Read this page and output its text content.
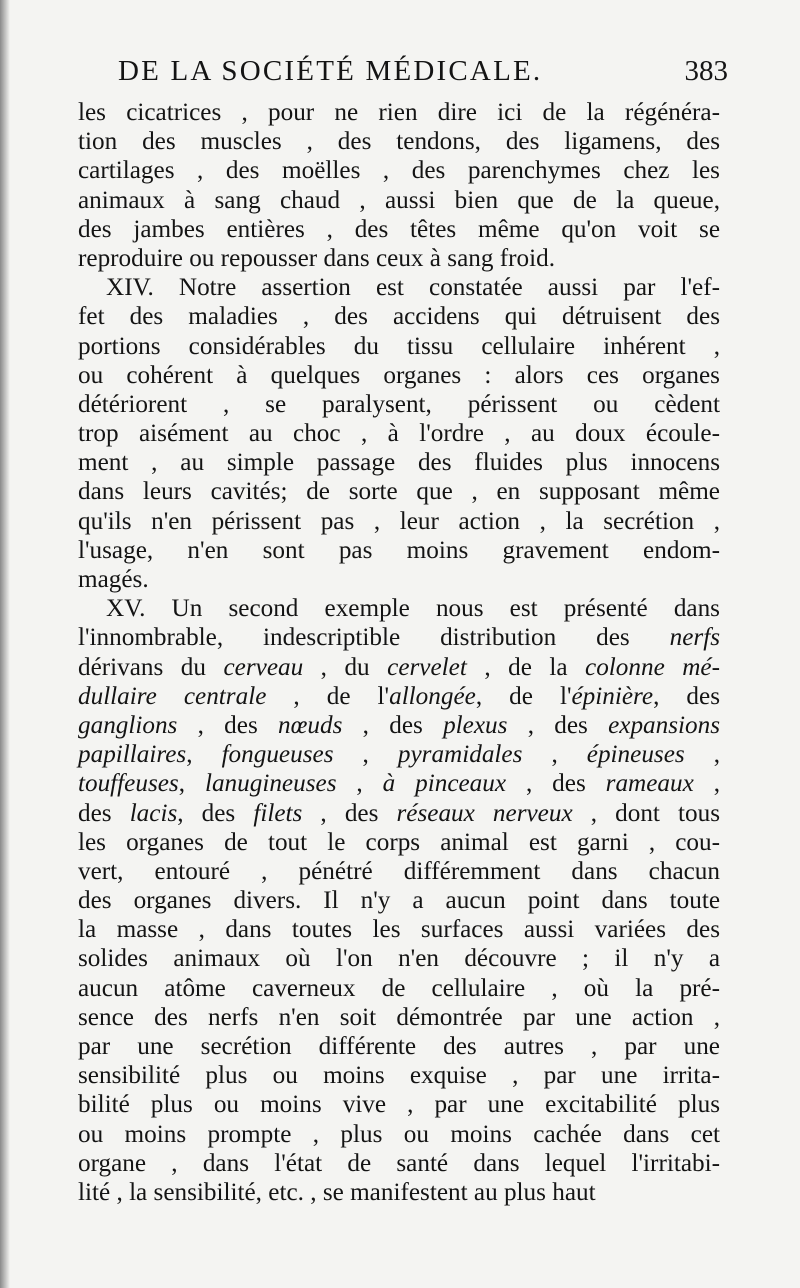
DE LA SOCIÉTÉ MÉDICALE.	383
les cicatrices , pour ne rien dire ici de la régénéra-
tion des muscles , des tendons, des ligamens, des
cartilages , des moëlles , des parenchymes chez les
animaux à sang chaud , aussi bien que de la queue,
des jambes entières , des têtes même qu'on voit se
reproduire ou repousser dans ceux à sang froid.
XIV. Notre assertion est constatée aussi par l'ef-
fet des maladies , des accidens qui détruisent des
portions considérables du tissu cellulaire inhérent ,
ou cohérent à quelques organes : alors ces organes
détériorent , se paralysent, périssent ou cèdent
trop aisément au choc , à l'ordre , au doux écoule-
ment , au simple passage des fluides plus innocens
dans leurs cavités; de sorte que , en supposant même
qu'ils n'en périssent pas , leur action , la secrétion ,
l'usage, n'en sont pas moins gravement endom-
magés.
XV. Un second exemple nous est présenté dans
l'innombrable, indescriptible distribution des nerfs
dérivans du cerveau , du cervelet , de la colonne mé-
dullaire centrale , de l'allongée, de l'épinière, des
ganglions , des nœuds , des plexus , des expansions
papillaires, fongueuses , pyramidales , épineuses ,
touffeuses, lanugineuses , à pinceaux , des rameaux ,
des lacis, des filets , des réseaux nerveux , dont tous
les organes de tout le corps animal est garni , cou-
vert, entouré , pénétré différemment dans chacun
des organes divers. Il n'y a aucun point dans toute
la masse , dans toutes les surfaces aussi variées des
solides animaux où l'on n'en découvre ; il n'y a
aucun atôme caverneux de cellulaire , où la pré-
sence des nerfs n'en soit démontrée par une action ,
par une secrétion différente des autres , par une
sensibilité plus ou moins exquise , par une irrita-
bilité plus ou moins vive , par une excitabilité plus
ou moins prompte , plus ou moins cachée dans cet
organe , dans l'état de santé dans lequel l'irritabi-
lité , la sensibilité, etc. , se manifestent au plus haut
